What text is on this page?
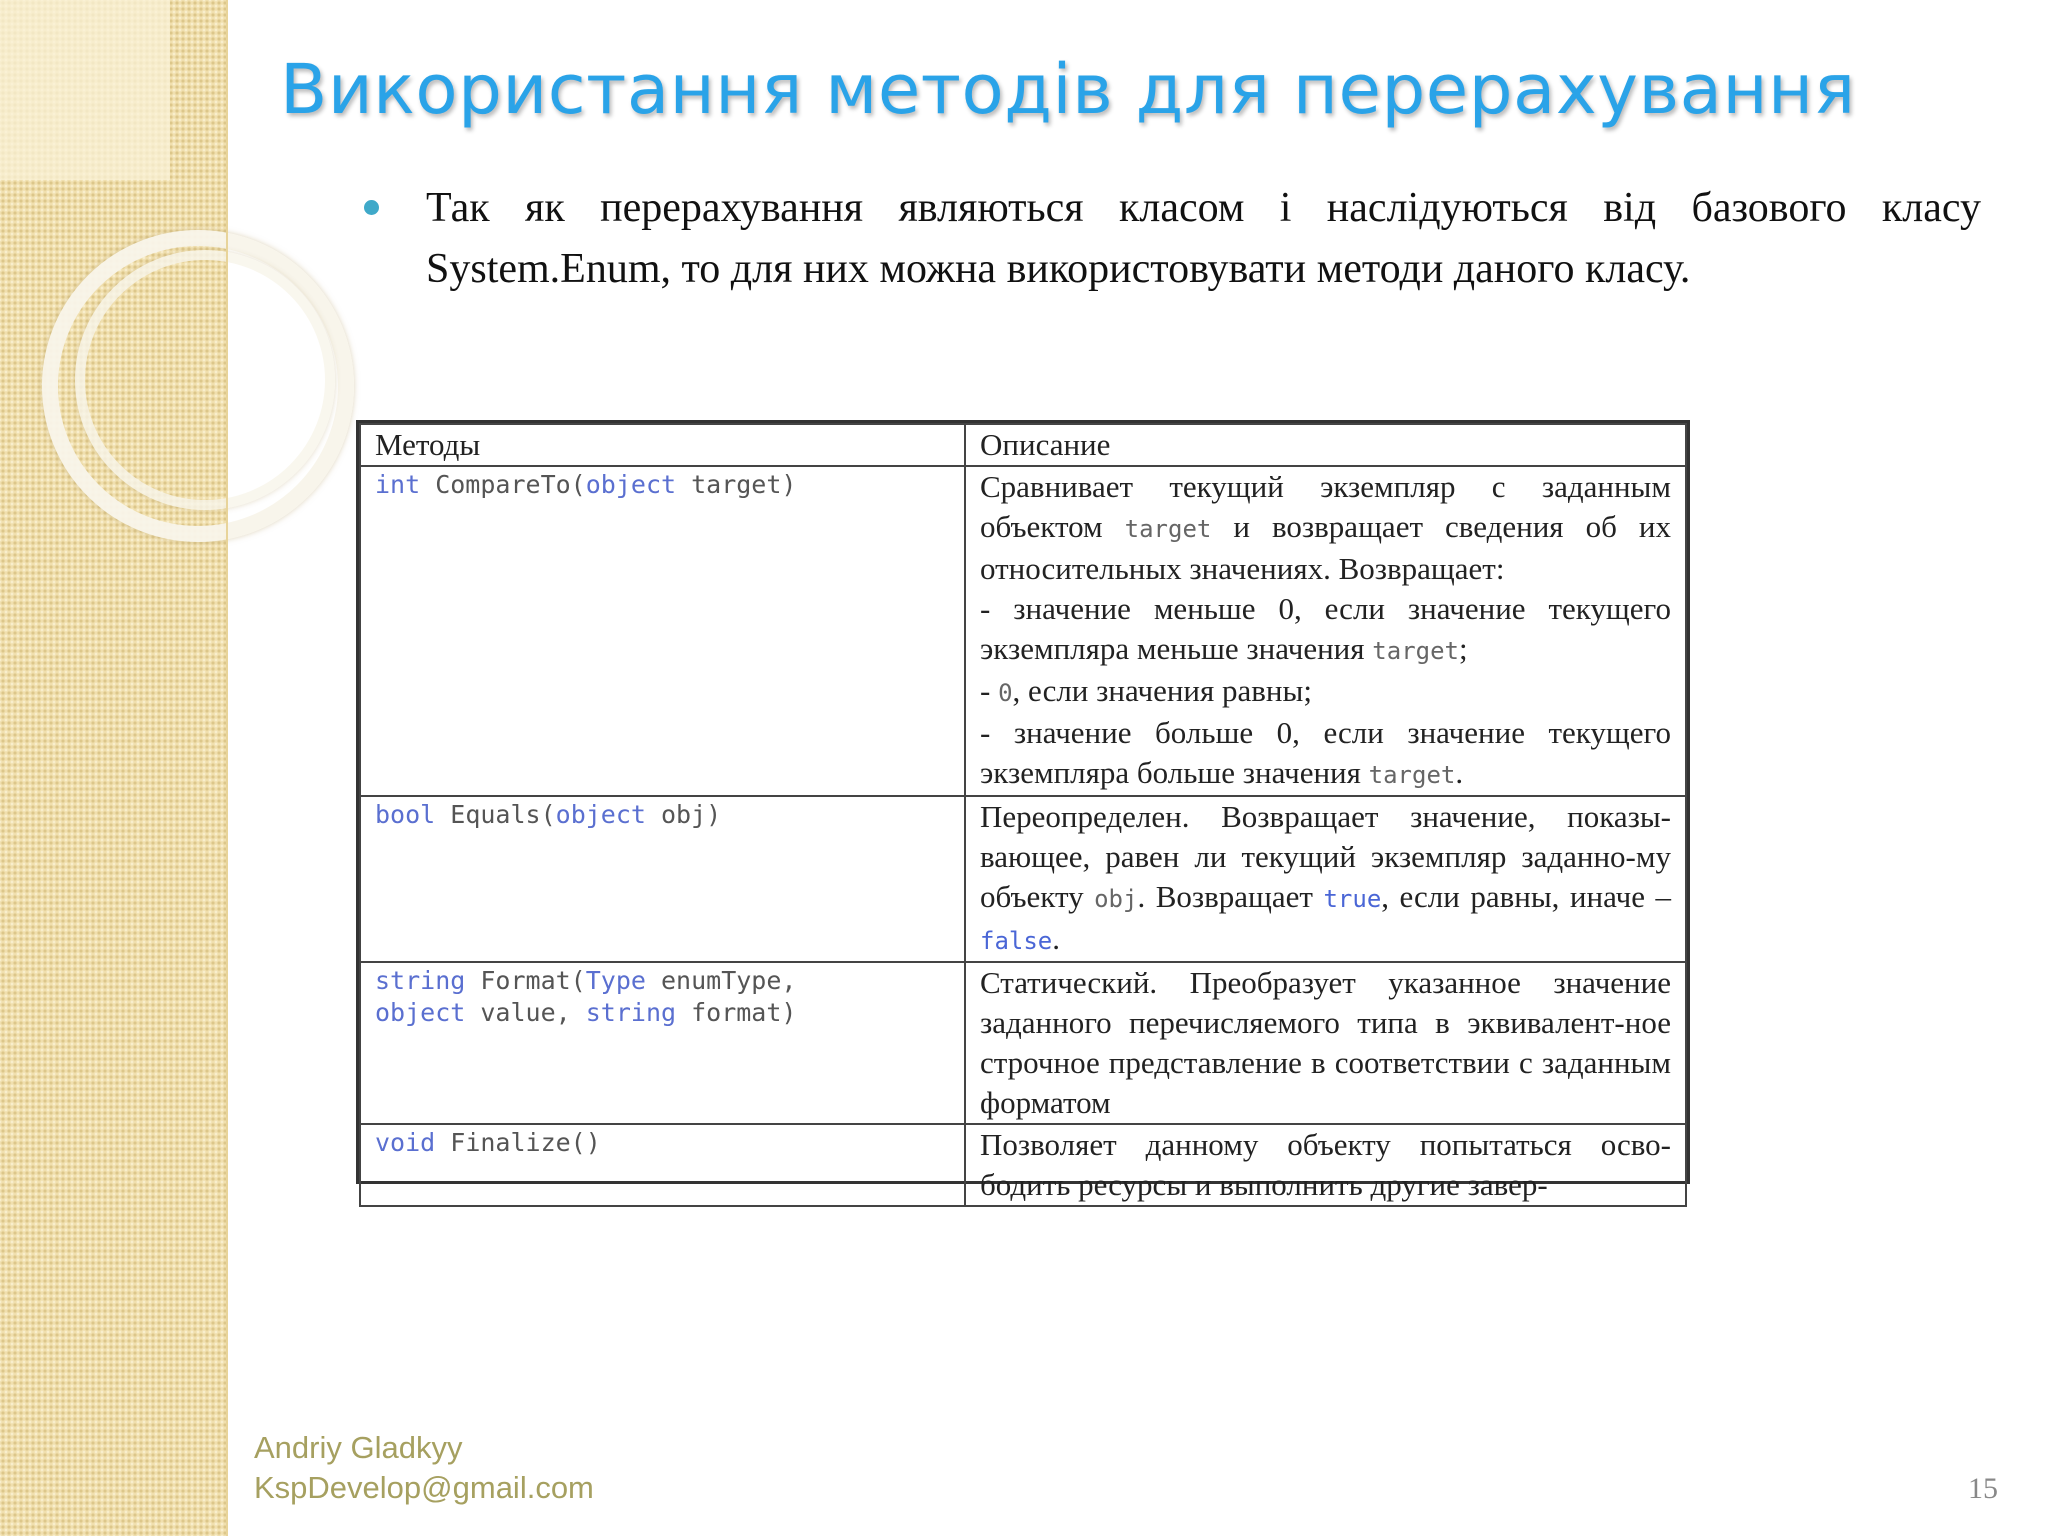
Використання методів для перерахування
Так як перерахування являються класом і наслідуються від базового класу System.Enum, то для них можна використовувати методи даного класу.
Методы	Описание

int CompareTo(object target)	Сравнивает текущий экземпляр с заданным объектом target и возвращает сведения об их относительных значениях. Возвращает:
- значение меньше 0, если значение текущего экземпляра меньше значения target;
- 0, если значения равны;
- значение больше 0, если значение текущего экземпляра больше значения target.

bool Equals(object obj)	Переопределен. Возвращает значение, показы-вающее, равен ли текущий экземпляр заданно-му объекту obj. Возвращает true, если равны, иначе – false.

string Format(Type enumType,
object value, string format)	Статический. Преобразует указанное значение заданного перечисляемого типа в эквивалент-ное строчное представление в соответствии с заданным форматом

void Finalize()	Позволяет данному объекту попытаться осво-бодить ресурсы и выполнить другие завер-
Andriy Gladkyy
KspDevelop@gmail.com	15
